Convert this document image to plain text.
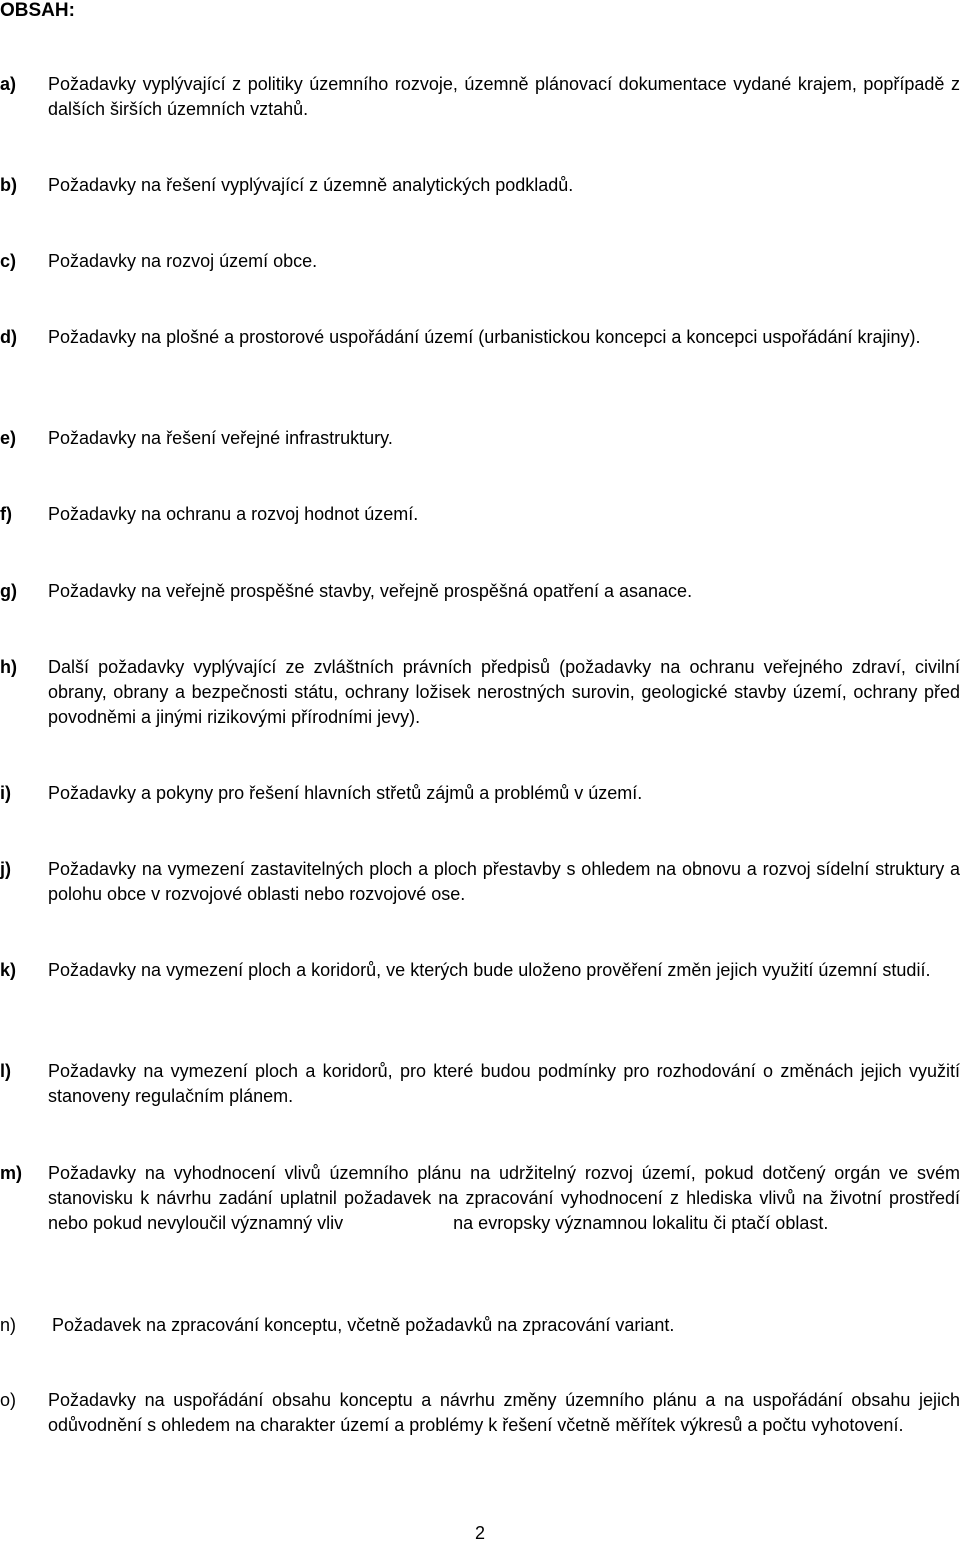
OBSAH:
a)	Požadavky vyplývající z politiky územního rozvoje, územně plánovací dokumentace vydané krajem, popřípadě z dalších širších územních vztahů.
b)	Požadavky na řešení vyplývající z územně analytických podkladů.
c)	Požadavky na rozvoj území obce.
d)	Požadavky na plošné a prostorové uspořádání území (urbanistickou koncepci a koncepci uspořádání krajiny).
e)	Požadavky na řešení veřejné infrastruktury.
f)	Požadavky na ochranu a rozvoj hodnot území.
g)	Požadavky na veřejně prospěšné stavby, veřejně prospěšná opatření a asanace.
h)	Další požadavky vyplývající ze zvláštních právních předpisů (požadavky na ochranu veřejného zdraví, civilní obrany, obrany a bezpečnosti státu, ochrany ložisek nerostných surovin, geologické stavby území, ochrany před povodněmi a jinými rizikovými přírodními jevy).
i)	Požadavky a pokyny pro řešení hlavních střetů zájmů a problémů v území.
j)	Požadavky na vymezení zastavitelných ploch a ploch přestavby s ohledem na obnovu a rozvoj sídelní struktury a polohu obce v rozvojové oblasti nebo rozvojové ose.
k)	Požadavky na vymezení ploch a koridorů, ve kterých bude uloženo prověření změn jejich využití územní studií.
l)	Požadavky na vymezení ploch a koridorů, pro které budou podmínky pro rozhodování o změnách jejich využití stanoveny regulačním plánem.
m)	Požadavky na vyhodnocení vlivů územního plánu na udržitelný rozvoj území, pokud dotčený orgán ve svém stanovisku k návrhu zadání uplatnil požadavek na zpracování vyhodnocení z hlediska vlivů na životní prostředí nebo pokud nevyloučil významný vliv	na evropsky významnou lokalitu či ptačí oblast.
n)	Požadavek na zpracování konceptu, včetně požadavků na zpracování variant.
o)	Požadavky na uspořádání obsahu konceptu a návrhu změny územního plánu a na uspořádání obsahu jejich odůvodnění s ohledem na charakter území a problémy k řešení včetně měřítek výkresů a počtu vyhotovení.
2
